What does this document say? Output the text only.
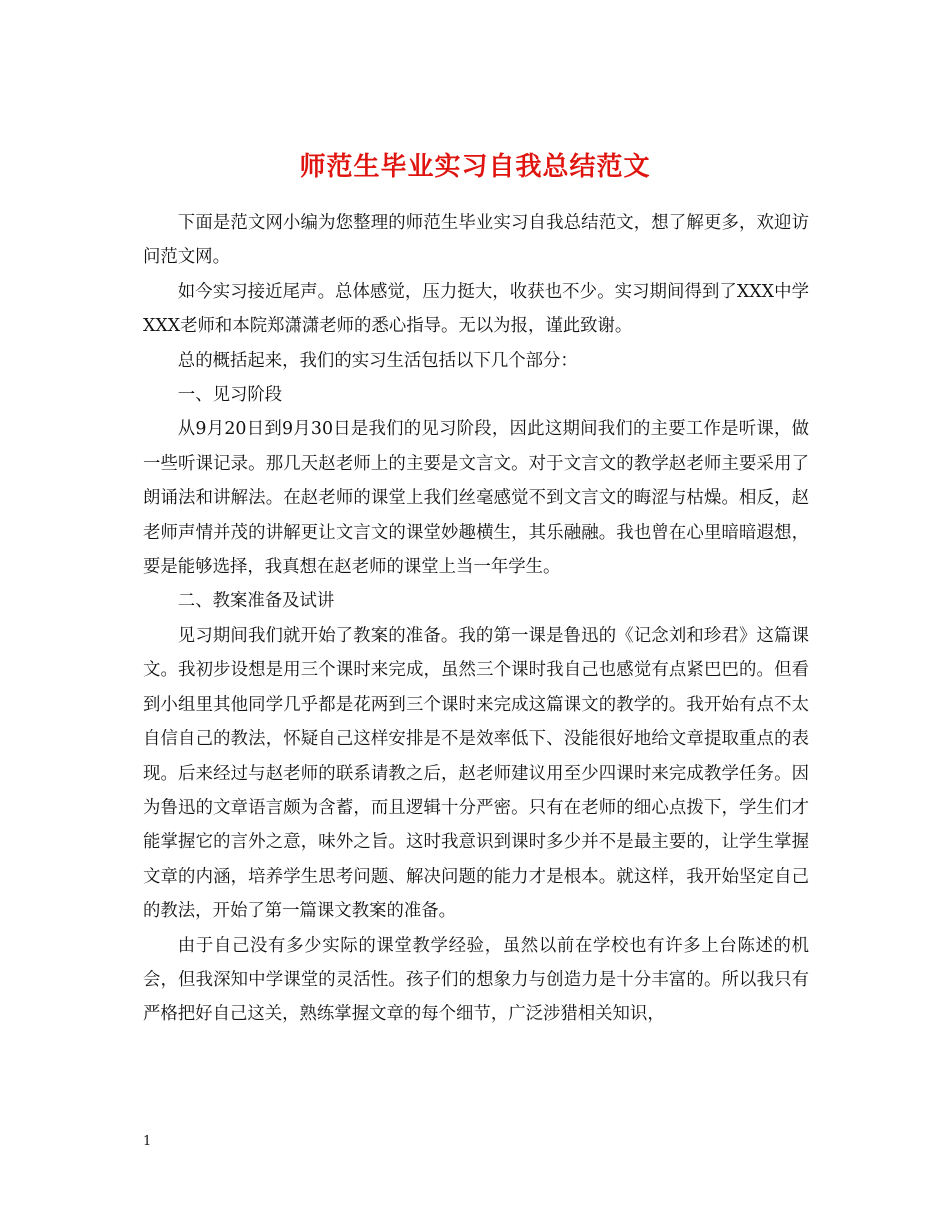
师范生毕业实习自我总结范文

下面是范文网小编为您整理的师范生毕业实习自我总结范文，想了解更多，欢迎访问范文网。

如今实习接近尾声。总体感觉，压力挺大，收获也不少。实习期间得到了XXX中学XXX老师和本院郑潇潇老师的悉心指导。无以为报，谨此致谢。

总的概括起来，我们的实习生活包括以下几个部分：

一、见习阶段

从9月20日到9月30日是我们的见习阶段，因此这期间我们的主要工作是听课，做一些听课记录。那几天赵老师上的主要是文言文。对于文言文的教学赵老师主要采用了朗诵法和讲解法。在赵老师的课堂上我们丝毫感觉不到文言文的晦涩与枯燥。相反，赵老师声情并茂的讲解更让文言文的课堂妙趣横生，其乐融融。我也曾在心里暗暗遐想，要是能够选择，我真想在赵老师的课堂上当一年学生。

二、教案准备及试讲

见习期间我们就开始了教案的准备。我的第一课是鲁迅的《记念刘和珍君》这篇课文。我初步设想是用三个课时来完成，虽然三个课时我自己也感觉有点紧巴巴的。但看到小组里其他同学几乎都是花两到三个课时来完成这篇课文的教学的。我开始有点不太自信自己的教法，怀疑自己这样安排是不是效率低下、没能很好地给文章提取重点的表现。后来经过与赵老师的联系请教之后，赵老师建议用至少四课时来完成教学任务。因为鲁迅的文章语言颇为含蓄，而且逻辑十分严密。只有在老师的细心点拨下，学生们才能掌握它的言外之意，味外之旨。这时我意识到课时多少并不是最主要的，让学生掌握文章的内涵，培养学生思考问题、解决问题的能力才是根本。就这样，我开始坚定自己的教法，开始了第一篇课文教案的准备。

由于自己没有多少实际的课堂教学经验，虽然以前在学校也有许多上台陈述的机会，但我深知中学课堂的灵活性。孩子们的想象力与创造力是十分丰富的。所以我只有严格把好自己这关，熟练掌握文章的每个细节，广泛涉猎相关知识，

1
